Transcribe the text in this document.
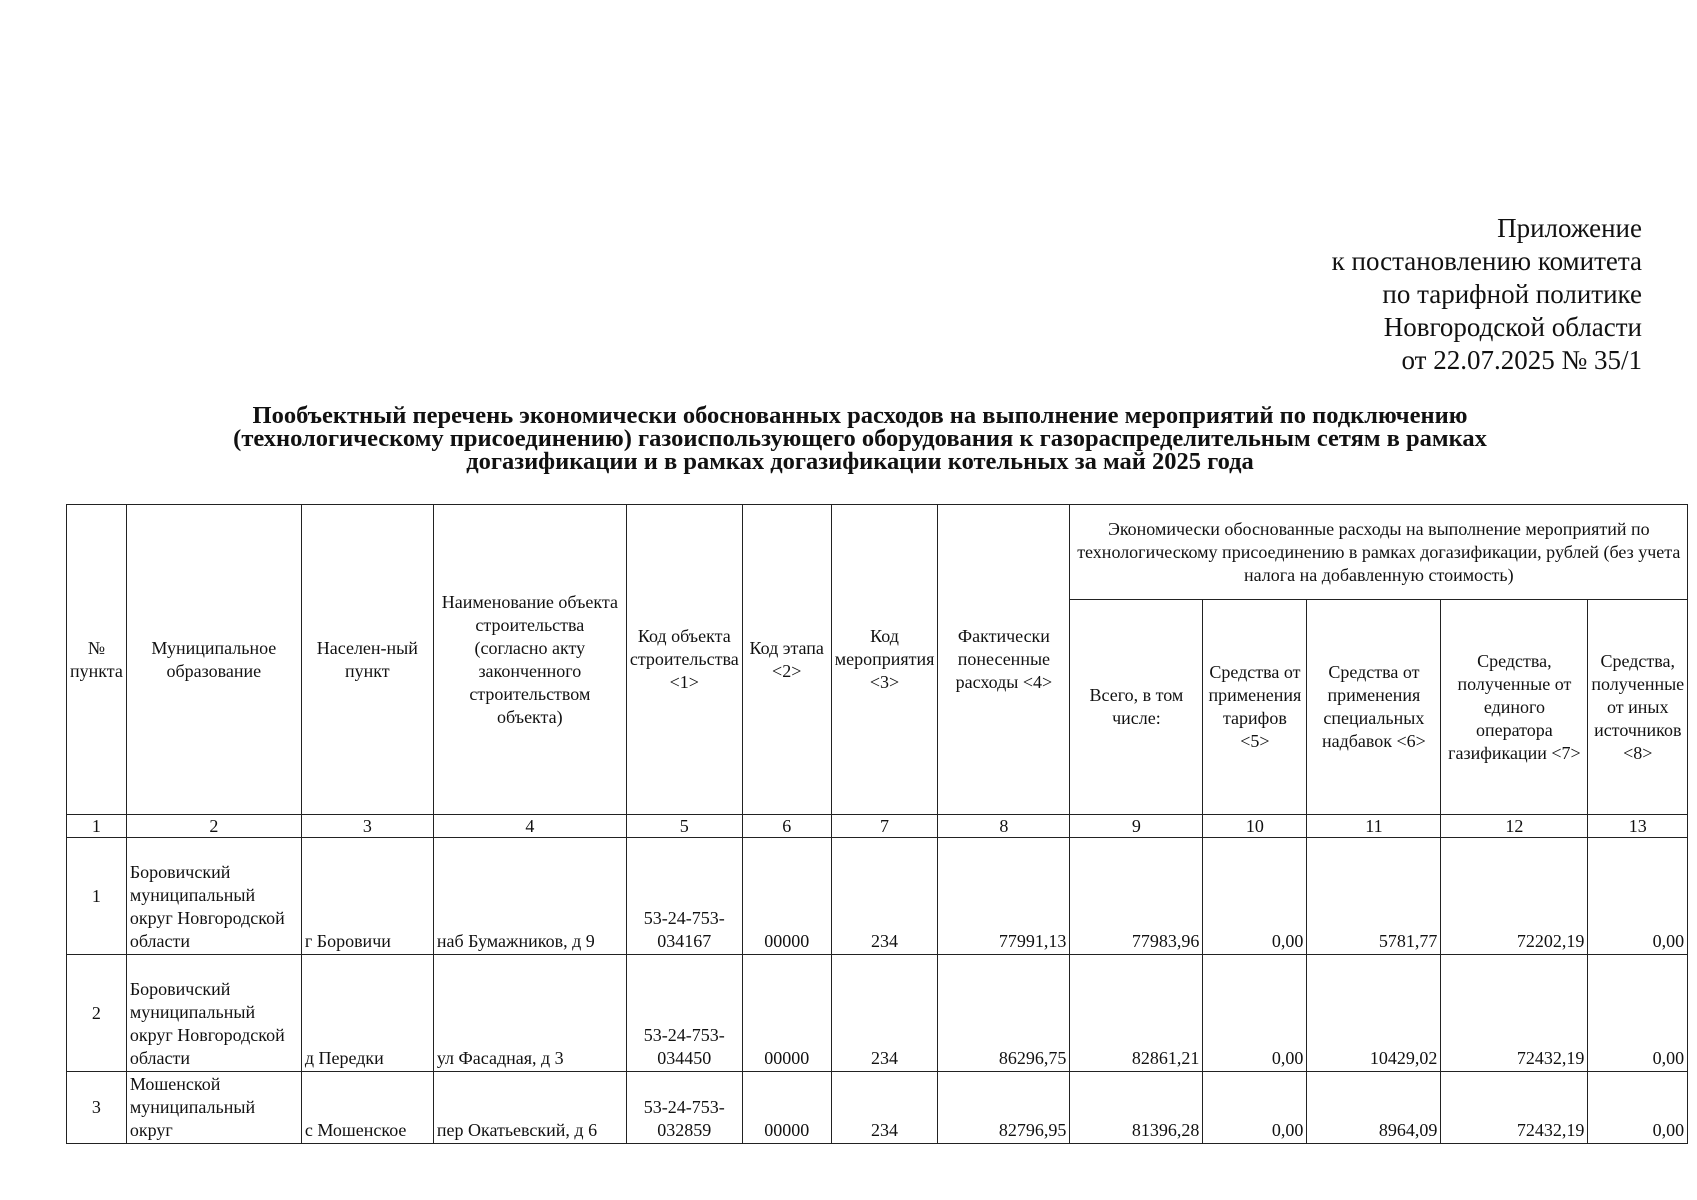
Приложение
к постановлению комитета
по тарифной политике
Новгородской области
от 22.07.2025 № 35/1
Пообъектный перечень экономически обоснованных расходов на выполнение мероприятий по подключению
(технологическому присоединению) газоиспользующего оборудования к газораспределительным сетям в рамках
догазификации и в рамках догазификации котельных за май 2025 года
№ пункта	Муниципальное образование	Населен-ный пункт	Наименование объекта строительства (согласно акту законченного строительством объекта)	Код объекта строительства <1>	Код этапа <2>	Код мероприятия <3>	Фактически понесенные расходы <4>	Экономически обоснованные расходы на выполнение мероприятий по технологическому присоединению в рамках догазификации, рублей (без учета налога на добавленную стоимость)				
								Всего, в том числе:	Средства от применения тарифов <5>	Средства от применения специальных надбавок <6>	Средства, полученные от единого оператора газификации <7>	Средства, полученные от иных источников <8>
1	2	3	4	5	6	7	8	9	10	11	12	13
1	Боровичский муниципальный округ Новгородской области	г Боровичи	наб Бумажников, д 9	53-24-753-034167	00000	234	77991,13	77983,96	0,00	5781,77	72202,19	0,00
2	Боровичский муниципальный округ Новгородской области	д Передки	ул Фасадная, д 3	53-24-753-034450	00000	234	86296,75	82861,21	0,00	10429,02	72432,19	0,00
3	Мошенской муниципальный округ	с Мошенское	пер Окатьевский, д 6	53-24-753-032859	00000	234	82796,95	81396,28	0,00	8964,09	72432,19	0,00
